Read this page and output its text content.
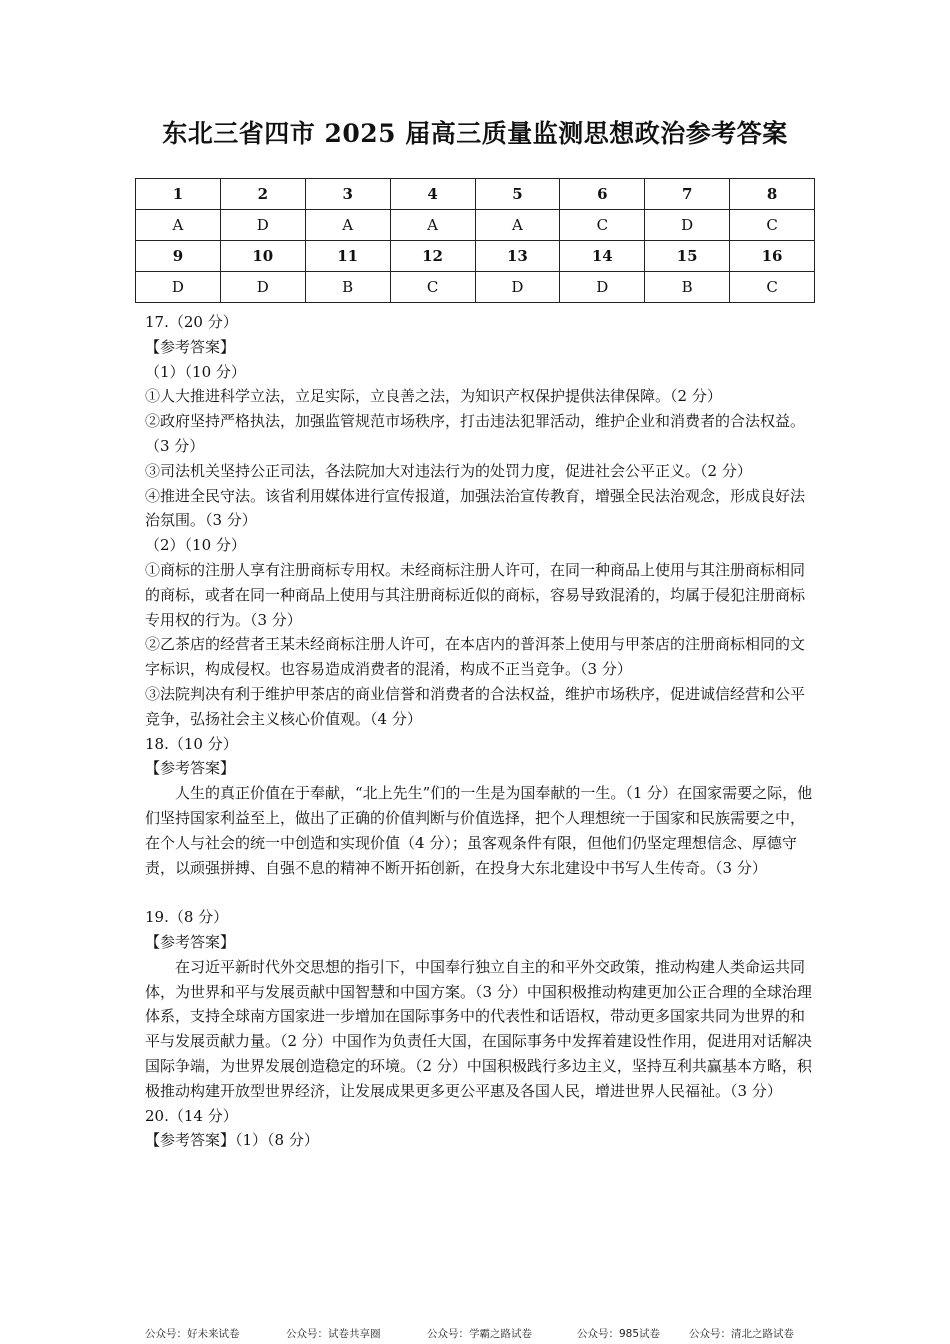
东北三省四市 2025 届高三质量监测思想政治参考答案
1	2	3	4	5	6	7	8
A	D	A	A	A	C	D	C
9	10	11	12	13	14	15	16
D	D	B	C	D	D	B	C

17.（20 分）

【参考答案】

（1）（10 分）

①人大推进科学立法，立足实际，立良善之法，为知识产权保护提供法律保障。（2 分）

②政府坚持严格执法，加强监管规范市场秩序，打击违法犯罪活动，维护企业和消费者的合法权益。（3 分）

③司法机关坚持公正司法，各法院加大对违法行为的处罚力度，促进社会公平正义。（2 分）

④推进全民守法。该省利用媒体进行宣传报道，加强法治宣传教育，增强全民法治观念，形成良好法治氛围。（3 分）

（2）（10 分）

①商标的注册人享有注册商标专用权。未经商标注册人许可，在同一种商品上使用与其注册商标相同的商标，或者在同一种商品上使用与其注册商标近似的商标，容易导致混淆的，均属于侵犯注册商标专用权的行为。（3 分）

②乙茶店的经营者王某未经商标注册人许可，在本店内的普洱茶上使用与甲茶店的注册商标相同的文字标识，构成侵权。也容易造成消费者的混淆，构成不正当竞争。（3 分）

③法院判决有利于维护甲茶店的商业信誉和消费者的合法权益，维护市场秩序，促进诚信经营和公平竞争，弘扬社会主义核心价值观。（4 分）

18.（10 分）

【参考答案】

人生的真正价值在于奉献，“北上先生”们的一生是为国奉献的一生。（1 分）在国家需要之际，他们坚持国家利益至上，做出了正确的价值判断与价值选择，把个人理想统一于国家和民族需要之中，在个人与社会的统一中创造和实现价值（4 分）；虽客观条件有限，但他们仍坚定理想信念、厚德守责，以顽强拼搏、自强不息的精神不断开拓创新，在投身大东北建设中书写人生传奇。（3 分）

19.（8 分）

【参考答案】

在习近平新时代外交思想的指引下，中国奉行独立自主的和平外交政策，推动构建人类命运共同体，为世界和平与发展贡献中国智慧和中国方案。（3 分）中国积极推动构建更加公正合理的全球治理体系，支持全球南方国家进一步增加在国际事务中的代表性和话语权，带动更多国家共同为世界的和平与发展贡献力量。（2 分）中国作为负责任大国，在国际事务中发挥着建设性作用，促进用对话解决国际争端，为世界发展创造稳定的环境。（2 分）中国积极践行多边主义，坚持互利共赢基本方略，积极推动构建开放型世界经济，让发展成果更多更公平惠及各国人民，增进世界人民福祉。（3 分）

20.（14 分）

【参考答案】（1）（8 分）

公众号：好未来试卷	公众号：试卷共享圈	公众号：学霸之路试卷	公众号：985试卷	公众号：清北之路试卷
